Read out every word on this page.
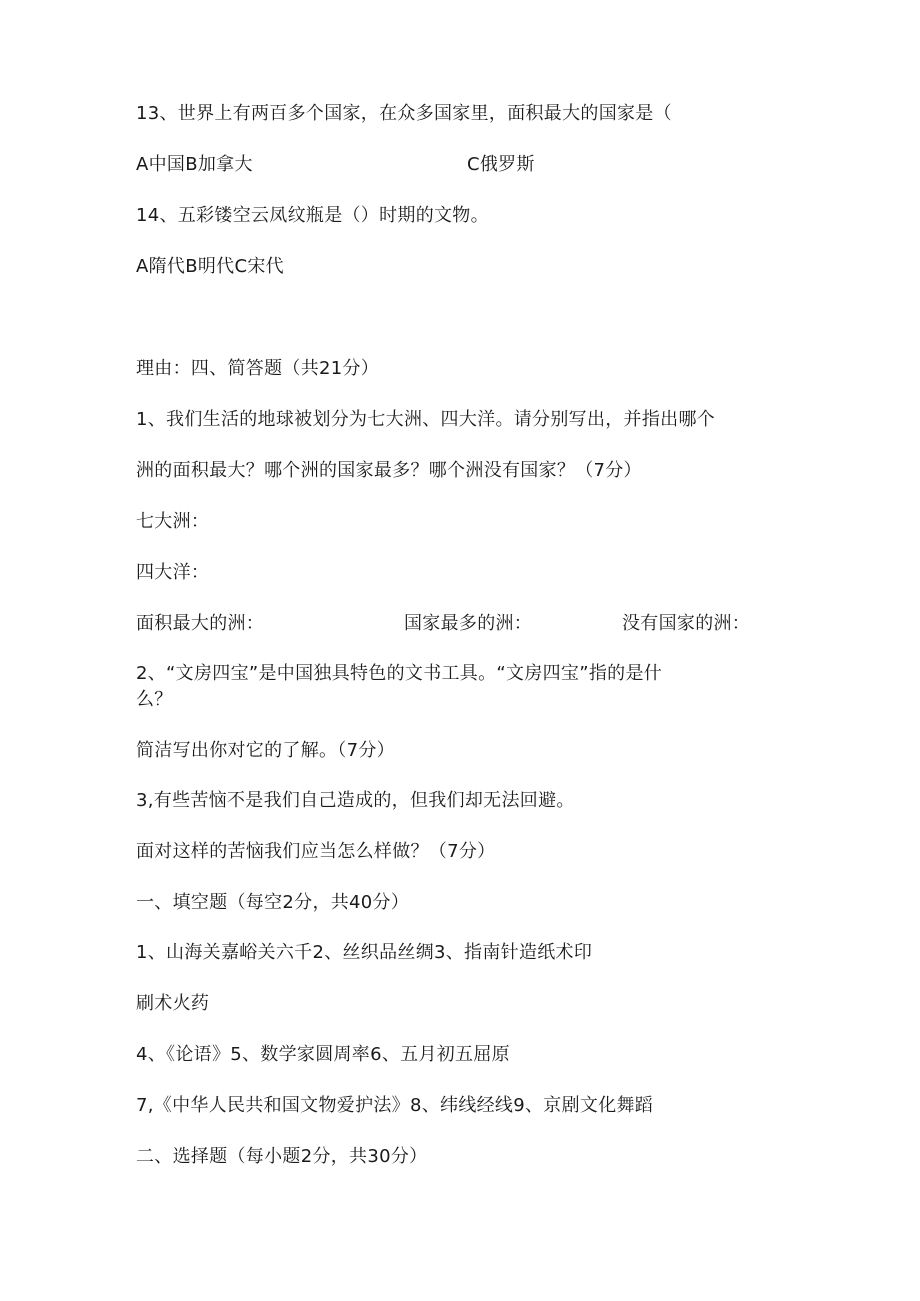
13、世界上有两百多个国家，在众多国家里，面积最大的国家是（
A中国B加拿大	C俄罗斯
14、五彩镂空云凤纹瓶是（）时期的文物。
A隋代B明代C宋代
理由：四、简答题（共21分）
1、我们生活的地球被划分为七大洲、四大洋。请分别写出，并指出哪个
洲的面积最大？哪个洲的国家最多？哪个洲没有国家？（7分）
七大洲：
四大洋：
面积最大的洲：	国家最多的洲：	没有国家的洲：
2、“文房四宝”是中国独具特色的文书工具。“文房四宝”指的是什
么？
简洁写出你对它的了解。（7分）
3,有些苦恼不是我们自己造成的，但我们却无法回避。
面对这样的苦恼我们应当怎么样做？（7分）
一、填空题（每空2分，共40分）
1、山海关嘉峪关六千2、丝织品丝绸3、指南针造纸术印
刷术火药
4、《论语》5、数学家圆周率6、五月初五屈原
7,《中华人民共和国文物爱护法》8、纬线经线9、京剧文化舞蹈
二、选择题（每小题2分，共30分）
